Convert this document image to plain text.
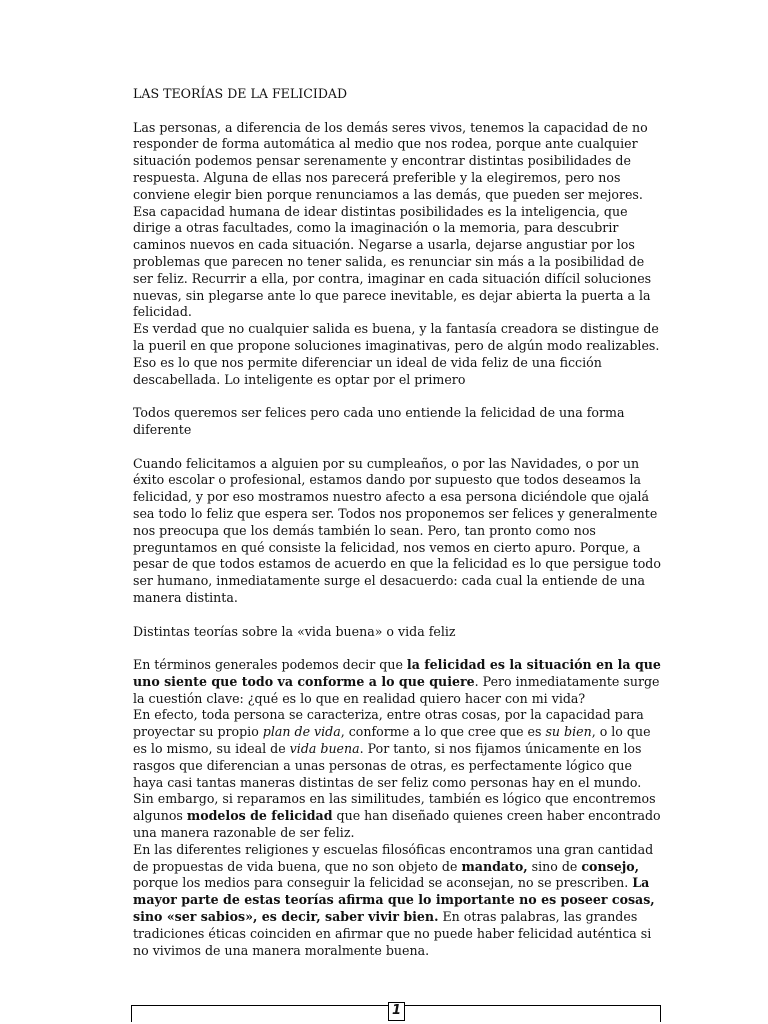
LAS TEORÍAS DE LA FELICIDAD

Las personas, a diferencia de los demás seres vivos, tenemos la capacidad de no responder de forma automática al medio que nos rodea, porque ante cualquier situación podemos pensar serenamente y encontrar distintas posibilidades de respuesta. Alguna de ellas nos parecerá preferible y la elegiremos, pero nos conviene elegir bien porque renunciamos a las demás, que pueden ser mejores. Esa capacidad humana de idear distintas posibilidades es la inteligencia, que dirige a otras facultades, como la imaginación o la memoria, para descubrir caminos nuevos en cada situación. Negarse a usarla, dejarse angustiar por los problemas que parecen no tener salida, es renunciar sin más a la posibilidad de ser feliz. Recurrir a ella, por contra, imaginar en cada situación difícil soluciones nuevas, sin plegarse ante lo que parece inevitable, es dejar abierta la puerta a la felicidad.

Es verdad que no cualquier salida es buena, y la fantasía creadora se distingue de la pueril en que propone soluciones imaginativas, pero de algún modo realizables. Eso es lo que nos permite diferenciar un ideal de vida feliz de una ficción descabellada. Lo inteligente es optar por el primero

Todos queremos ser felices pero cada uno entiende la felicidad de una forma diferente

Cuando felicitamos a alguien por su cumpleaños, o por las Navidades, o por un éxito escolar o profesional, estamos dando por supuesto que todos deseamos la felicidad, y por eso mostramos nuestro afecto a esa persona diciéndole que ojalá sea todo lo feliz que espera ser. Todos nos proponemos ser felices y generalmente nos preocupa que los demás también lo sean. Pero, tan pronto como nos preguntamos en qué consiste la felicidad, nos vemos en cierto apuro. Porque, a pesar de que todos estamos de acuerdo en que la felicidad es lo que persigue todo ser humano, inmediatamente surge el desacuerdo: cada cual la entiende de una manera distinta.

Distintas teorías sobre la «vida buena» o vida feliz

En términos generales podemos decir que la felicidad es la situación en la que uno siente que todo va conforme a lo que quiere. Pero inmediatamente surge la cuestión clave: ¿qué es lo que en realidad quiero hacer con mi vida?

En efecto, toda persona se caracteriza, entre otras cosas, por la capacidad para proyectar su propio plan de vida, conforme a lo que cree que es su bien, o lo que es lo mismo, su ideal de vida buena. Por tanto, si nos fijamos únicamente en los rasgos que diferencian a unas personas de otras, es perfectamente lógico que haya casi tantas maneras distintas de ser feliz como personas hay en el mundo. Sin embargo, si reparamos en las similitudes, también es lógico que encontremos algunos modelos de felicidad que han diseñado quienes creen haber encontrado una manera razonable de ser feliz.

En las diferentes religiones y escuelas filosóficas encontramos una gran cantidad de propuestas de vida buena, que no son objeto de mandato, sino de consejo, porque los medios para conseguir la felicidad se aconsejan, no se prescriben. La mayor parte de estas teorías afirma que lo importante no es poseer cosas, sino «ser sabios», es decir, saber vivir bien. En otras palabras, las grandes tradiciones éticas coinciden en afirmar que no puede haber felicidad auténtica si no vivimos de una manera moralmente buena.

1
